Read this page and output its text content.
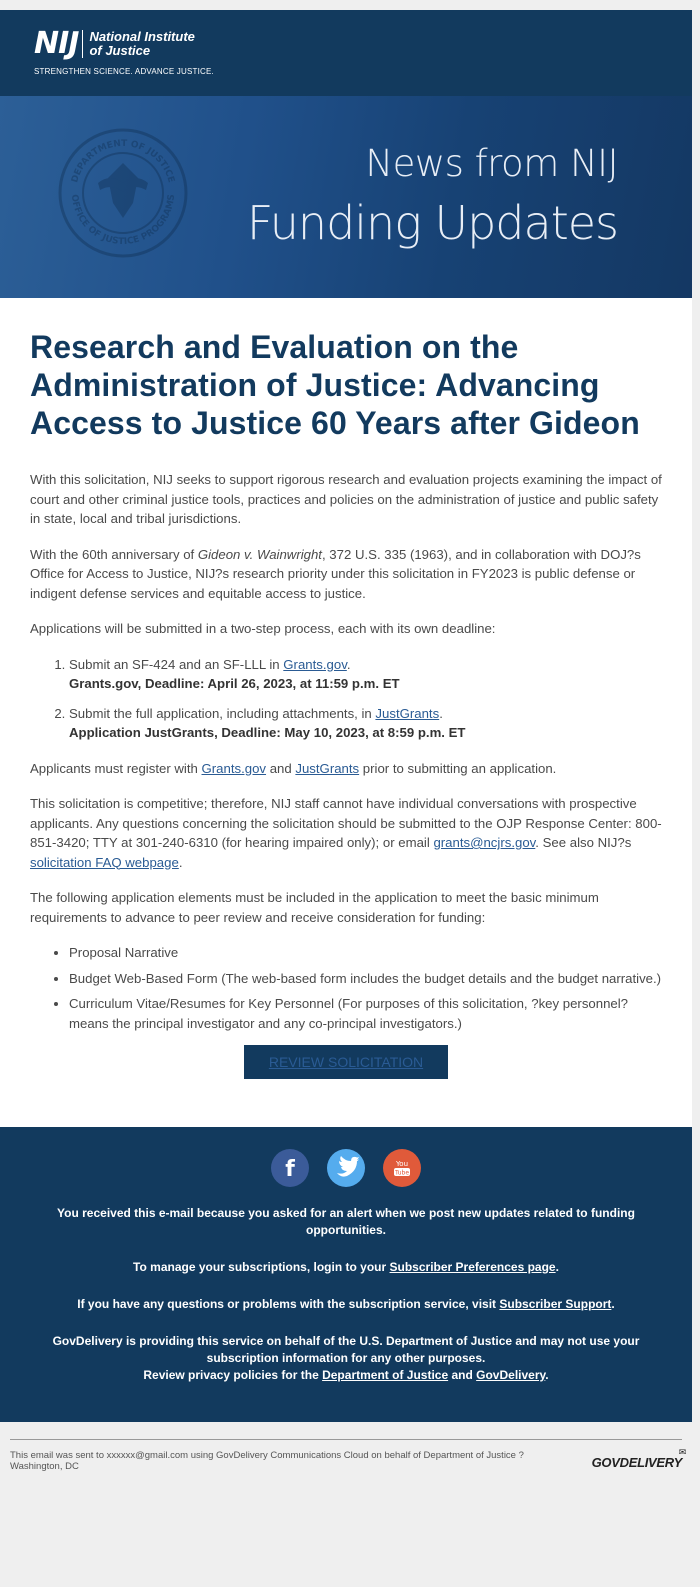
NIJ National Institute
of Justice
STRENGTHEN SCIENCE. ADVANCE JUSTICE.
DEPARTMENT OF JUSTICE
OFFICE OF JUSTICE PROGRAMS
News from NIJ
Funding Updates
Research and Evaluation on the Administration of Justice: Advancing Access to Justice 60 Years after Gideon

With this solicitation, NIJ seeks to support rigorous research and evaluation projects examining the impact of court and other criminal justice tools, practices and policies on the administration of justice and public safety in state, local and tribal jurisdictions.

With the 60th anniversary of Gideon v. Wainwright, 372 U.S. 335 (1963), and in collaboration with DOJ?s Office for Access to Justice, NIJ?s research priority under this solicitation in FY2023 is public defense or indigent defense services and equitable access to justice.

Applications will be submitted in a two-step process, each with its own deadline:

1. Submit an SF-424 and an SF-LLL in Grants.gov.
Grants.gov, Deadline: April 26, 2023, at 11:59 p.m. ET
2. Submit the full application, including attachments, in JustGrants.
Application JustGrants, Deadline: May 10, 2023, at 8:59 p.m. ET

Applicants must register with Grants.gov and JustGrants prior to submitting an application.

This solicitation is competitive; therefore, NIJ staff cannot have individual conversations with prospective applicants. Any questions concerning the solicitation should be submitted to the OJP Response Center: 800-851-3420; TTY at 301-240-6310 (for hearing impaired only); or email grants@ncjrs.gov. See also NIJ?s solicitation FAQ webpage.

The following application elements must be included in the application to meet the basic minimum requirements to advance to peer review and receive consideration for funding:

• Proposal Narrative
• Budget Web-Based Form (The web-based form includes the budget details and the budget narrative.)
• Curriculum Vitae/Resumes for Key Personnel (For purposes of this solicitation, ?key personnel? means the principal investigator and any co-principal investigators.)
REVIEW SOLICITATION
f

	You
Tube

You received this e-mail because you asked for an alert when we post new updates related to funding opportunities.

To manage your subscriptions, login to your Subscriber Preferences page.

If you have any questions or problems with the subscription service, visit Subscriber Support.

GovDelivery is providing this service on behalf of the U.S. Department of Justice and may not use your subscription information for any other purposes.
Review privacy policies for the Department of Justice and GovDelivery.

This email was sent to xxxxxx@gmail.com using GovDelivery Communications Cloud on behalf of Department of Justice ? Washington, DC	GOVDELIVERY
✉
